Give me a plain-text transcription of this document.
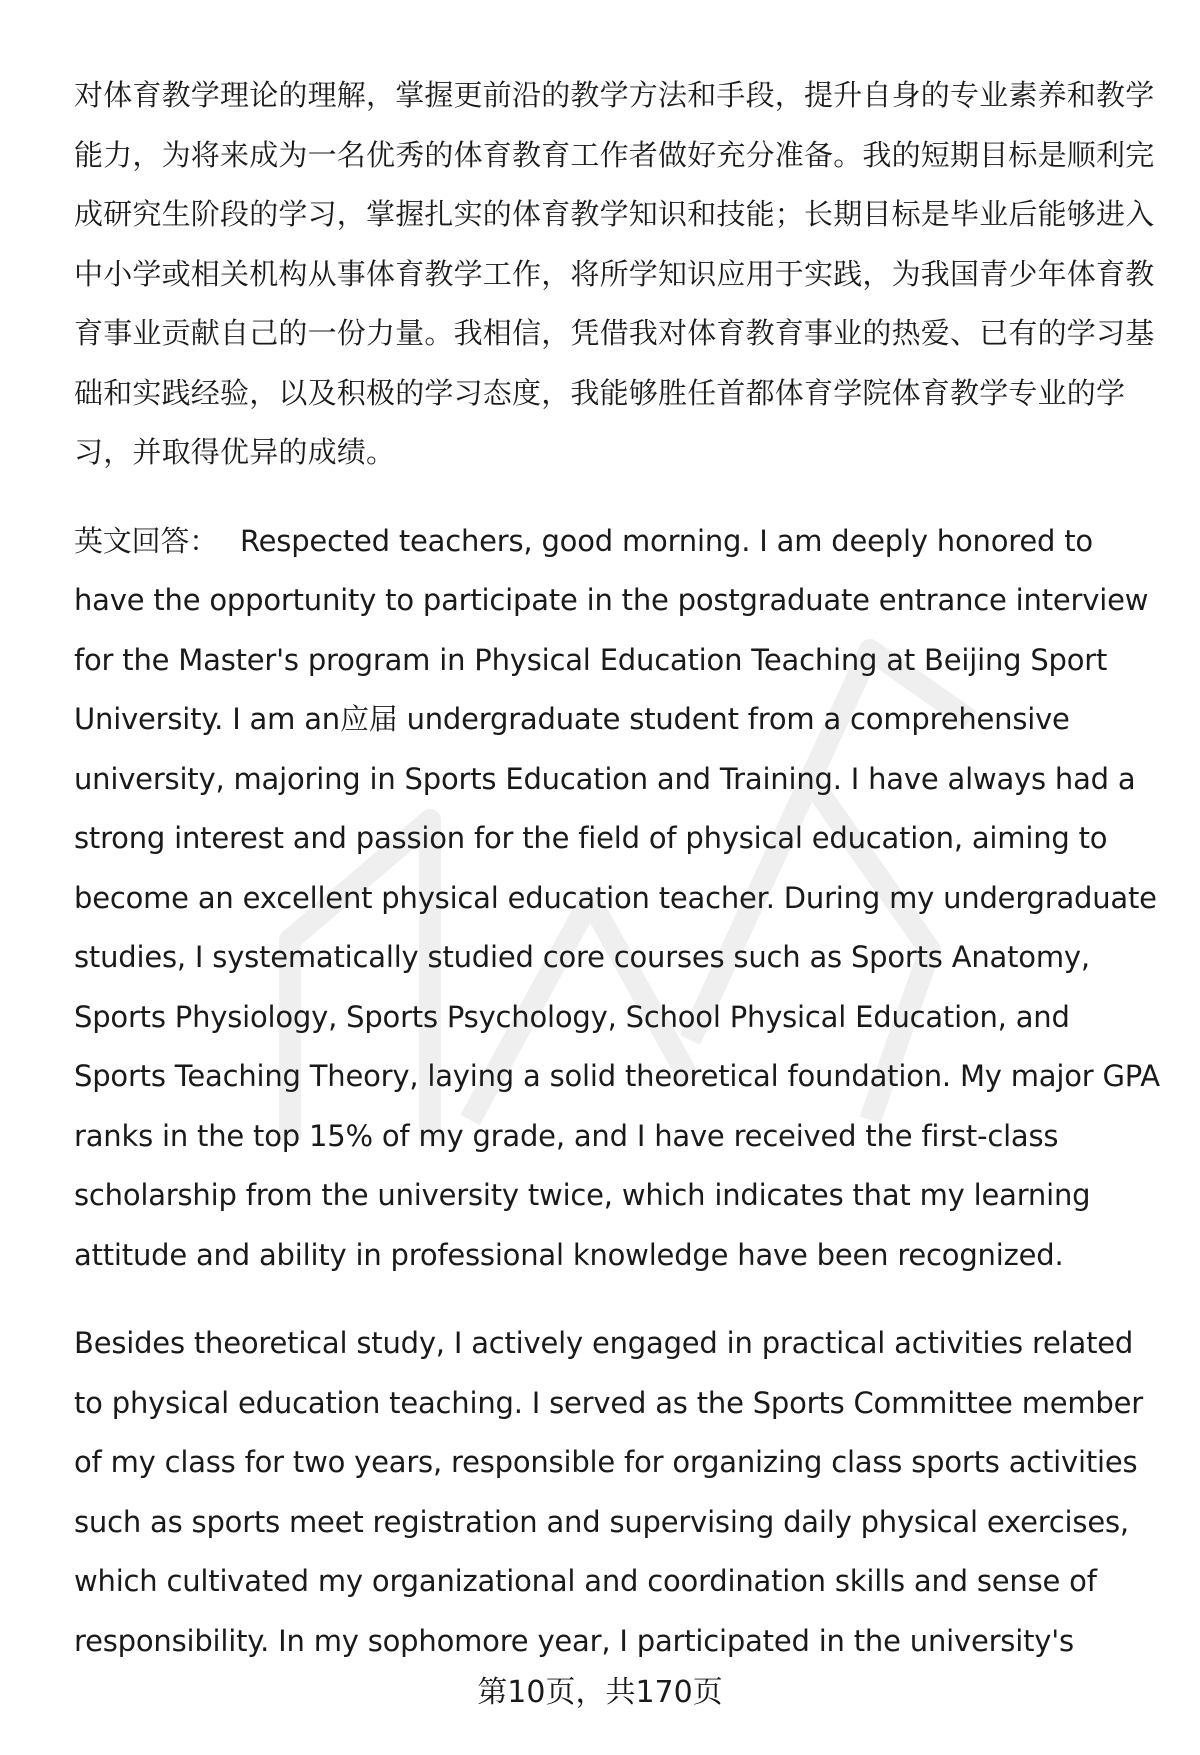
对体育教学理论的理解，掌握更前沿的教学方法和手段，提升自身的专业素养和教学能力，为将来成为一名优秀的体育教育工作者做好充分准备。我的短期目标是顺利完成研究生阶段的学习，掌握扎实的体育教学知识和技能；长期目标是毕业后能够进入中小学或相关机构从事体育教学工作，将所学知识应用于实践，为我国青少年体育教育事业贡献自己的一份力量。我相信，凭借我对体育教育事业的热爱、已有的学习基础和实践经验，以及积极的学习态度，我能够胜任首都体育学院体育教学专业的学习，并取得优异的成绩。

英文回答： Respected teachers, good morning. I am deeply honored to have the opportunity to participate in the postgraduate entrance interview for the Master's program in Physical Education Teaching at Beijing Sport University. I am an应届 undergraduate student from a comprehensive university, majoring in Sports Education and Training. I have always had a strong interest and passion for the field of physical education, aiming to become an excellent physical education teacher. During my undergraduate studies, I systematically studied core courses such as Sports Anatomy, Sports Physiology, Sports Psychology, School Physical Education, and Sports Teaching Theory, laying a solid theoretical foundation. My major GPA ranks in the top 15% of my grade, and I have received the first-class scholarship from the university twice, which indicates that my learning attitude and ability in professional knowledge have been recognized.

Besides theoretical study, I actively engaged in practical activities related to physical education teaching. I served as the Sports Committee member of my class for two years, responsible for organizing class sports activities such as sports meet registration and supervising daily physical exercises, which cultivated my organizational and coordination skills and sense of responsibility. In my sophomore year, I participated in the university's

第10页，共170页
